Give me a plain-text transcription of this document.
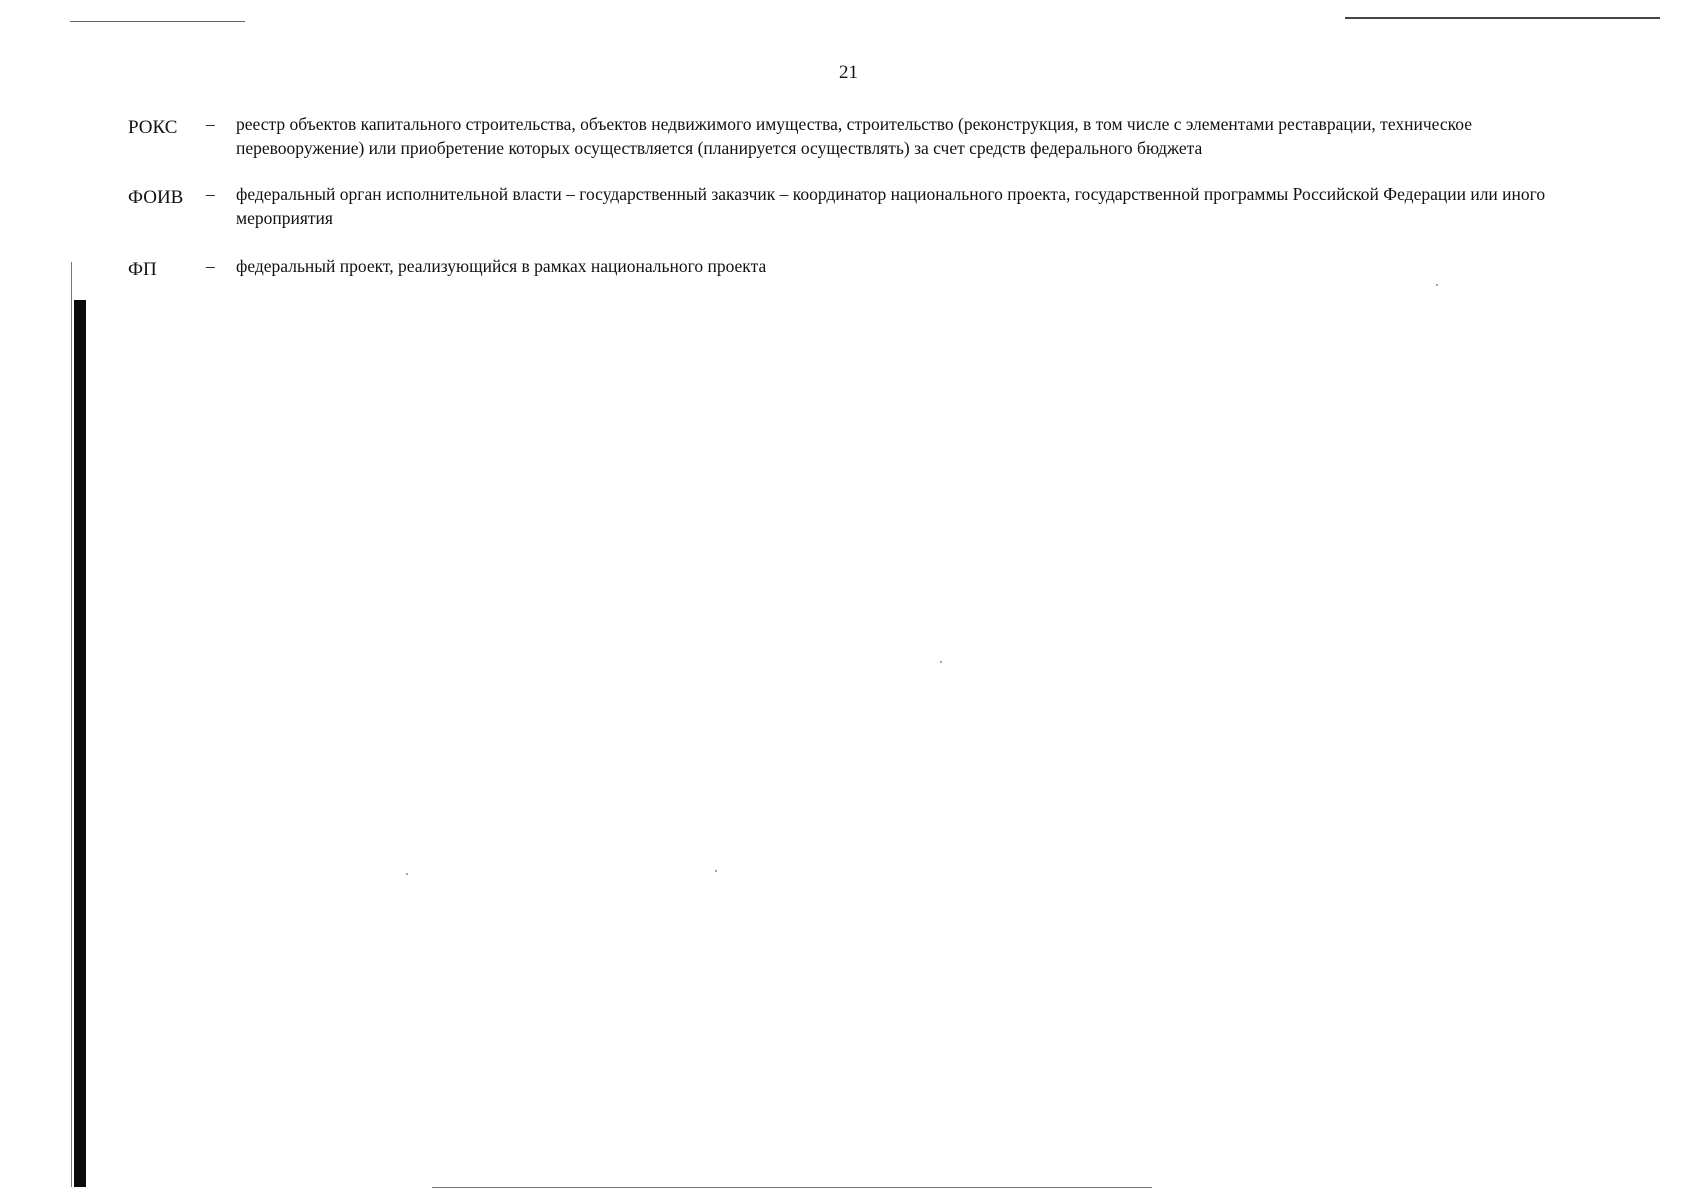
21
РОКС	–	реестр объектов капитального строительства, объектов недвижимого имущества, строительство (реконструкция, в том числе с элементами реставрации, техническое перевооружение) или приобретение которых осуществляется (планируется осуществлять) за счет средств федерального бюджета
ФОИВ	–	федеральный орган исполнительной власти – государственный заказчик – координатор национального проекта, государственной программы Российской Федерации или иного мероприятия
ФП	–	федеральный проект, реализующийся в рамках национального проекта
